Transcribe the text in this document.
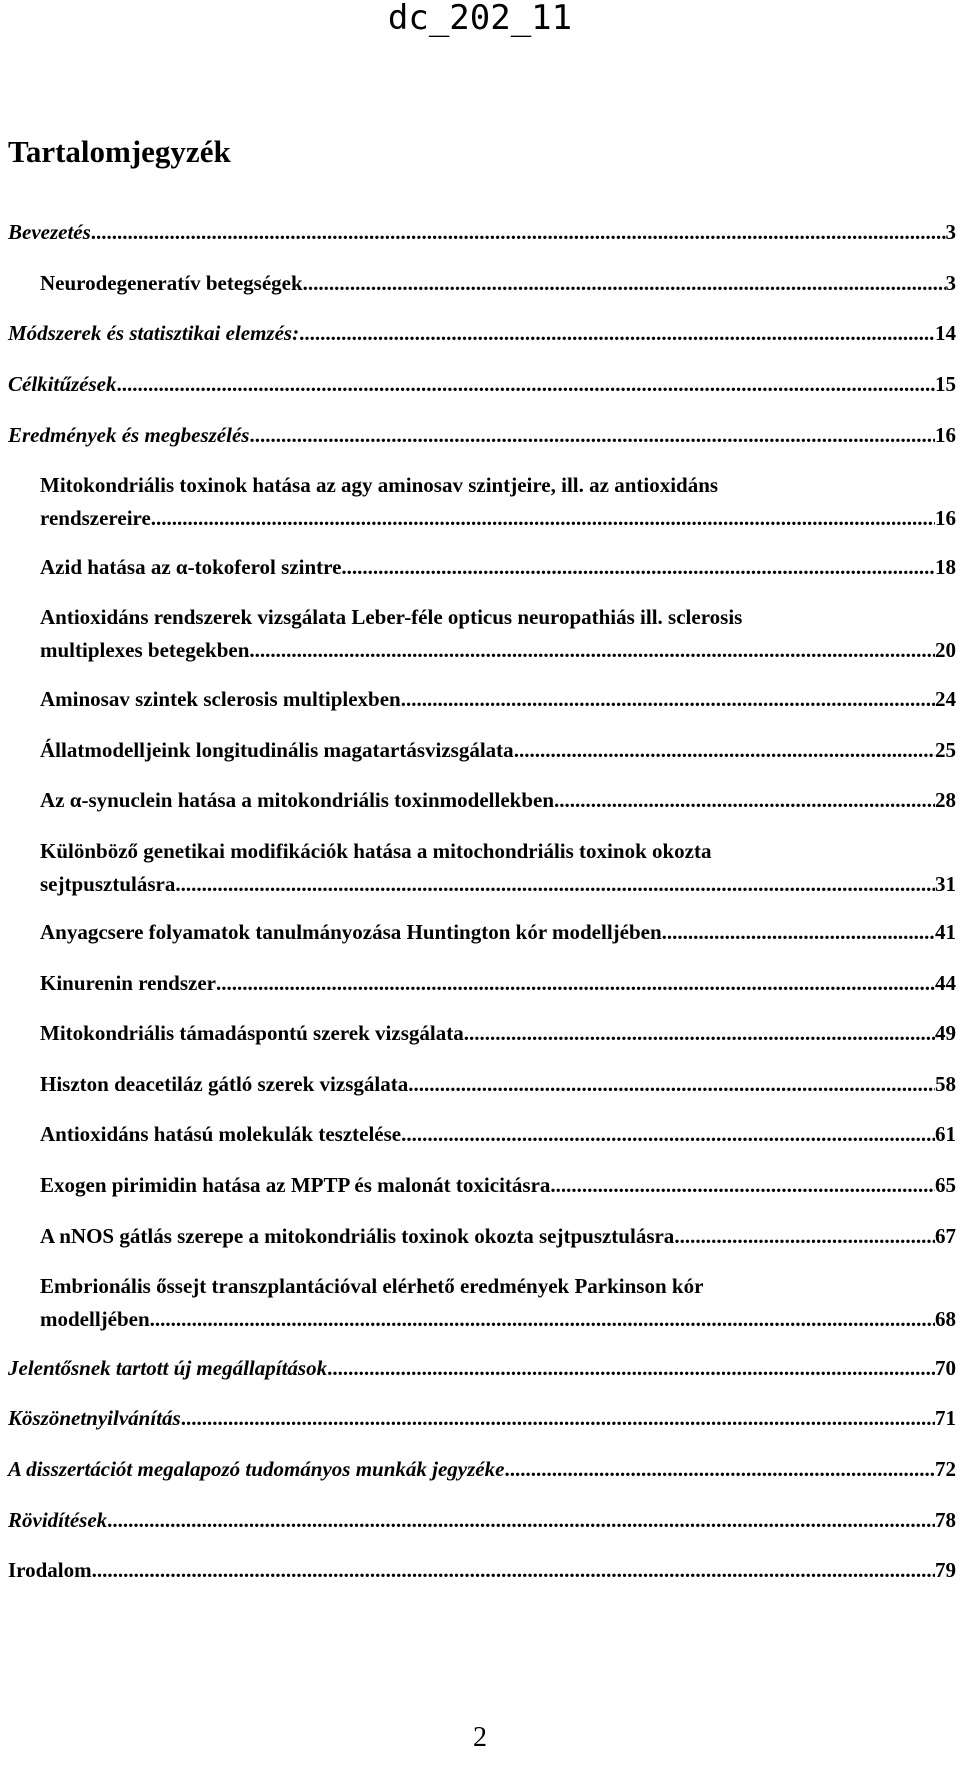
dc_202_11
Tartalomjegyzék
Bevezetés .....	3
Neurodegeneratív betegségek .....	3
Módszerek és statisztikai elemzés: .....	14
Célkitűzések .....	15
Eredmények és megbeszélés .....	16
Mitokondriális toxinok hatása az agy aminosav szintjeire, ill. az antioxidáns
rendszereire .....	16
Azid hatása az α-tokoferol szintre .....	18
Antioxidáns rendszerek vizsgálata Leber-féle opticus neuropathiás ill. sclerosis
multiplexes betegekben .....	20
Aminosav szintek sclerosis multiplexben .....	24
Állatmodelljeink longitudinális magatartásvizsgálata .....	25
Az α-synuclein hatása a mitokondriális toxinmodellekben .....	28
Különböző genetikai modifikációk hatása a mitochondriális toxinok okozta
sejtpusztulásra .....	31
Anyagcsere folyamatok tanulmányozása Huntington kór modelljében .....	41
Kinurenin rendszer .....	44
Mitokondriális támadáspontú szerek vizsgálata .....	49
Hiszton deacetiláz gátló szerek vizsgálata .....	58
Antioxidáns hatású molekulák tesztelése .....	61
Exogen pirimidin hatása az MPTP és malonát toxicitásra .....	65
A nNOS gátlás szerepe a mitokondriális toxinok okozta sejtpusztulásra .....	67
Embrionális őssejt transzplantációval elérhető eredmények Parkinson kór
modelljében .....	68
Jelentősnek tartott új megállapítások .....	70
Köszönetnyilvánítás .....	71
A disszertációt megalapozó tudományos munkák jegyzéke .....	72
Rövidítések .....	78
Irodalom .....	79
2
